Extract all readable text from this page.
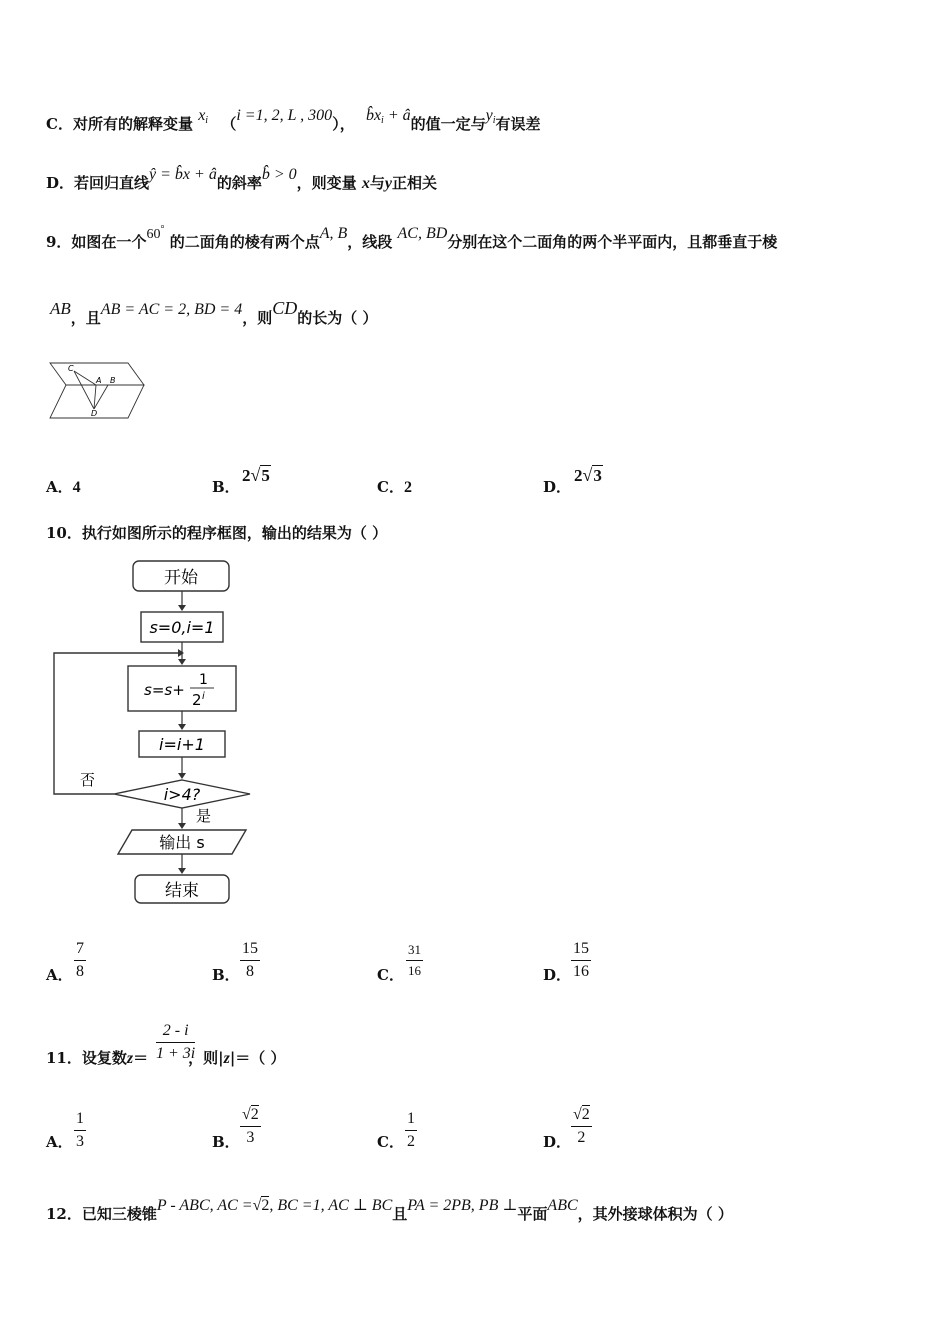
C．对所有的解释变量 xi （i =1, 2, L , 300）， b̂xi + â的值一定与yi有误差
D．若回归直线ŷ = b̂x + â的斜率b̂ > 0，则变量 x与y正相关
9．如图在一个60° 的二面角的棱有两个点A, B，线段 AC, BD分别在这个二面角的两个半平面内，且都垂直于棱
AB，且AB = AC = 2, BD = 4，则CD的长为（ ）
C
A B
D
A．4	B．
2√5
C．2	D．
2√3
10．执行如图所示的程序框图，输出的结果为（ ）
开始
s=0,i=1
s=s+
1
2 i
i=i+1
i>4?
否
是
输出 s
结束
A． $\frac{7}{8}$	B． $\frac{15}{8}$	C． $\frac{31}{16}$	D． $\frac{15}{16}$
11．设复数z＝	，则|z|＝（ ）
$\frac{2 - i}{1 + 3i}$
A． $\frac{1}{3}$	B． $\frac{√2}{3}$	C． $\frac{1}{2}$	D． $\frac{√2}{2}$
12．已知三棱锥P - ABC, AC =√2, BC =1, AC ⊥ BC且PA = 2PB, PB ⊥平面ABC，其外接球体积为（ ）
